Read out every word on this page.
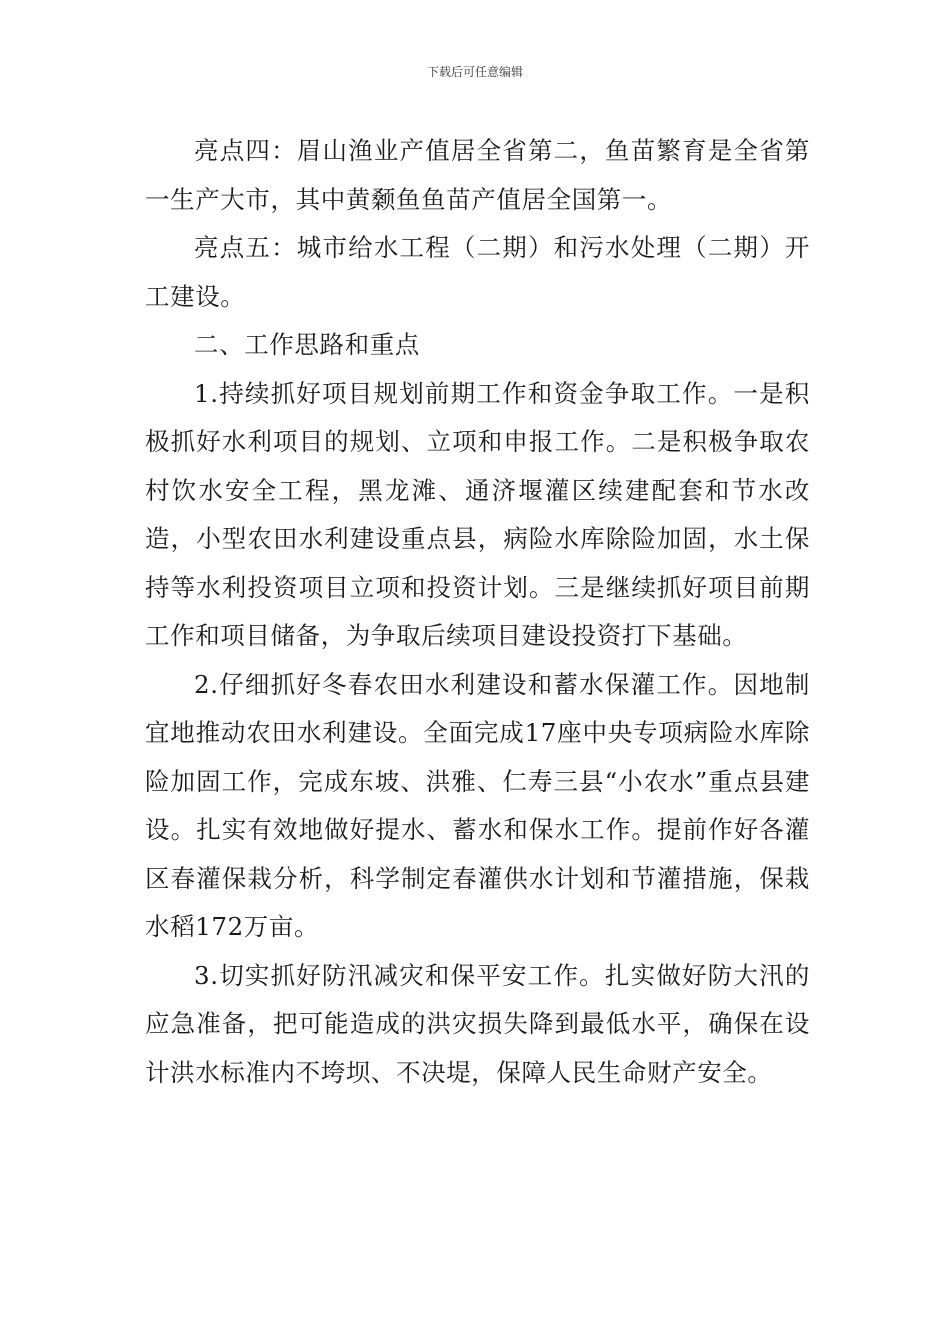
下载后可任意编辑

亮点四：眉山渔业产值居全省第二，鱼苗繁育是全省第一生产大市，其中黄颡鱼鱼苗产值居全国第一。

亮点五：城市给水工程（二期）和污水处理（二期）开工建设。

二、工作思路和重点

1.持续抓好项目规划前期工作和资金争取工作。一是积极抓好水利项目的规划、立项和申报工作。二是积极争取农村饮水安全工程，黑龙滩、通济堰灌区续建配套和节水改造，小型农田水利建设重点县，病险水库除险加固，水土保持等水利投资项目立项和投资计划。三是继续抓好项目前期工作和项目储备，为争取后续项目建设投资打下基础。

2.仔细抓好冬春农田水利建设和蓄水保灌工作。因地制宜地推动农田水利建设。全面完成17座中央专项病险水库除险加固工作，完成东坡、洪雅、仁寿三县“小农水”重点县建设。扎实有效地做好提水、蓄水和保水工作。提前作好各灌区春灌保栽分析，科学制定春灌供水计划和节灌措施，保栽水稻172万亩。

3.切实抓好防汛减灾和保平安工作。扎实做好防大汛的应急准备，把可能造成的洪灾损失降到最低水平，确保在设计洪水标准内不垮坝、不决堤，保障人民生命财产安全。
